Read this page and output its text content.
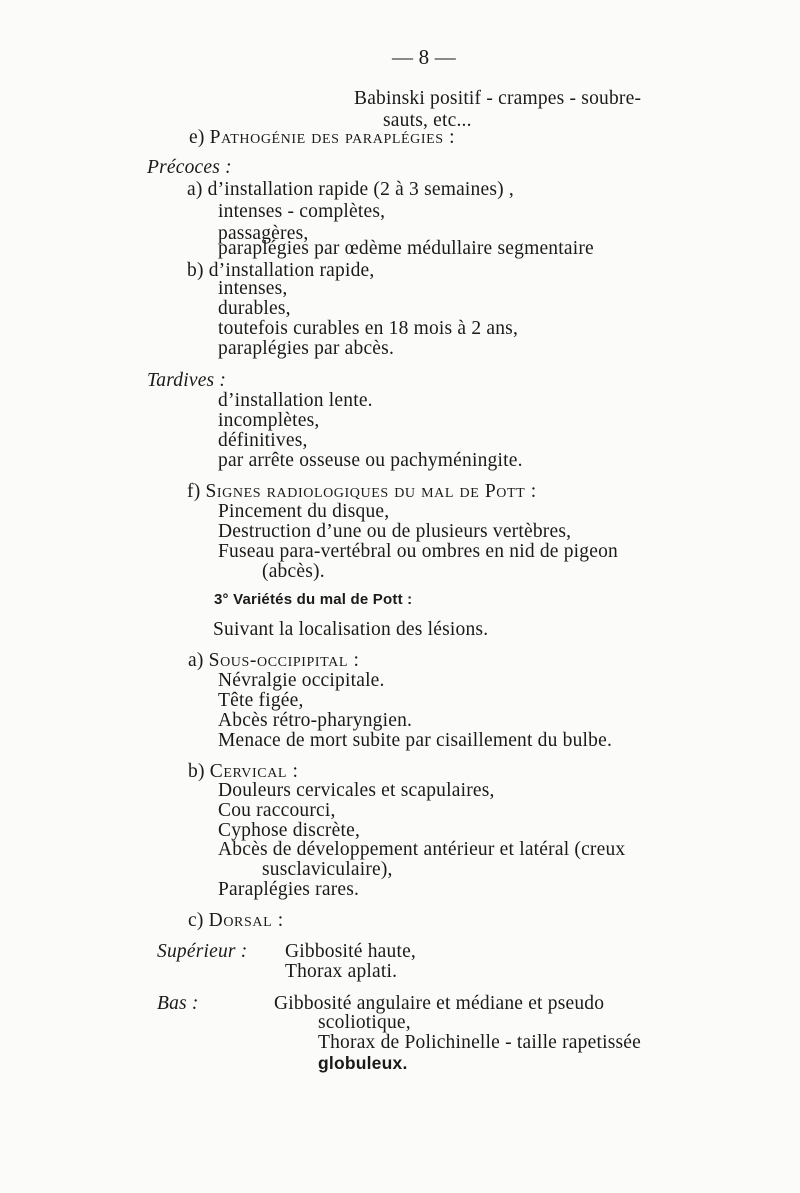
— 8 —
Babinski positif - crampes - soubre-
sauts, etc...
e) Pathogénie des paraplégies :
Précoces :
a) d’installation rapide (2 à 3 semaines) ,
intenses - complètes,
passagères,
paraplégies par œdème médullaire segmentaire
b) d’installation rapide,
intenses,
durables,
toutefois curables en 18 mois à 2 ans,
paraplégies par abcès.
Tardives :
d’installation lente.
incomplètes,
définitives,
par arrête osseuse ou pachyméningite.
f) Signes radiologiques du mal de Pott :
Pincement du disque,
Destruction d’une ou de plusieurs vertèbres,
Fuseau para-vertébral ou ombres en nid de pigeon
(abcès).
3° Variétés du mal de Pott :
Suivant la localisation des lésions.
a) Sous-occipipital :
Névralgie occipitale.
Tête figée,
Abcès rétro-pharyngien.
Menace de mort subite par cisaillement du bulbe.
b) Cervical :
Douleurs cervicales et scapulaires,
Cou raccourci,
Cyphose discrète,
Abcès de développement antérieur et latéral (creux
susclaviculaire),
Paraplégies rares.
c) Dorsal :
Supérieur : Gibbosité haute,
Thorax aplati.
Bas :	Gibbosité angulaire et médiane et pseudo
scoliotique,
Thorax de Polichinelle - taille rapetissée
globuleux.
